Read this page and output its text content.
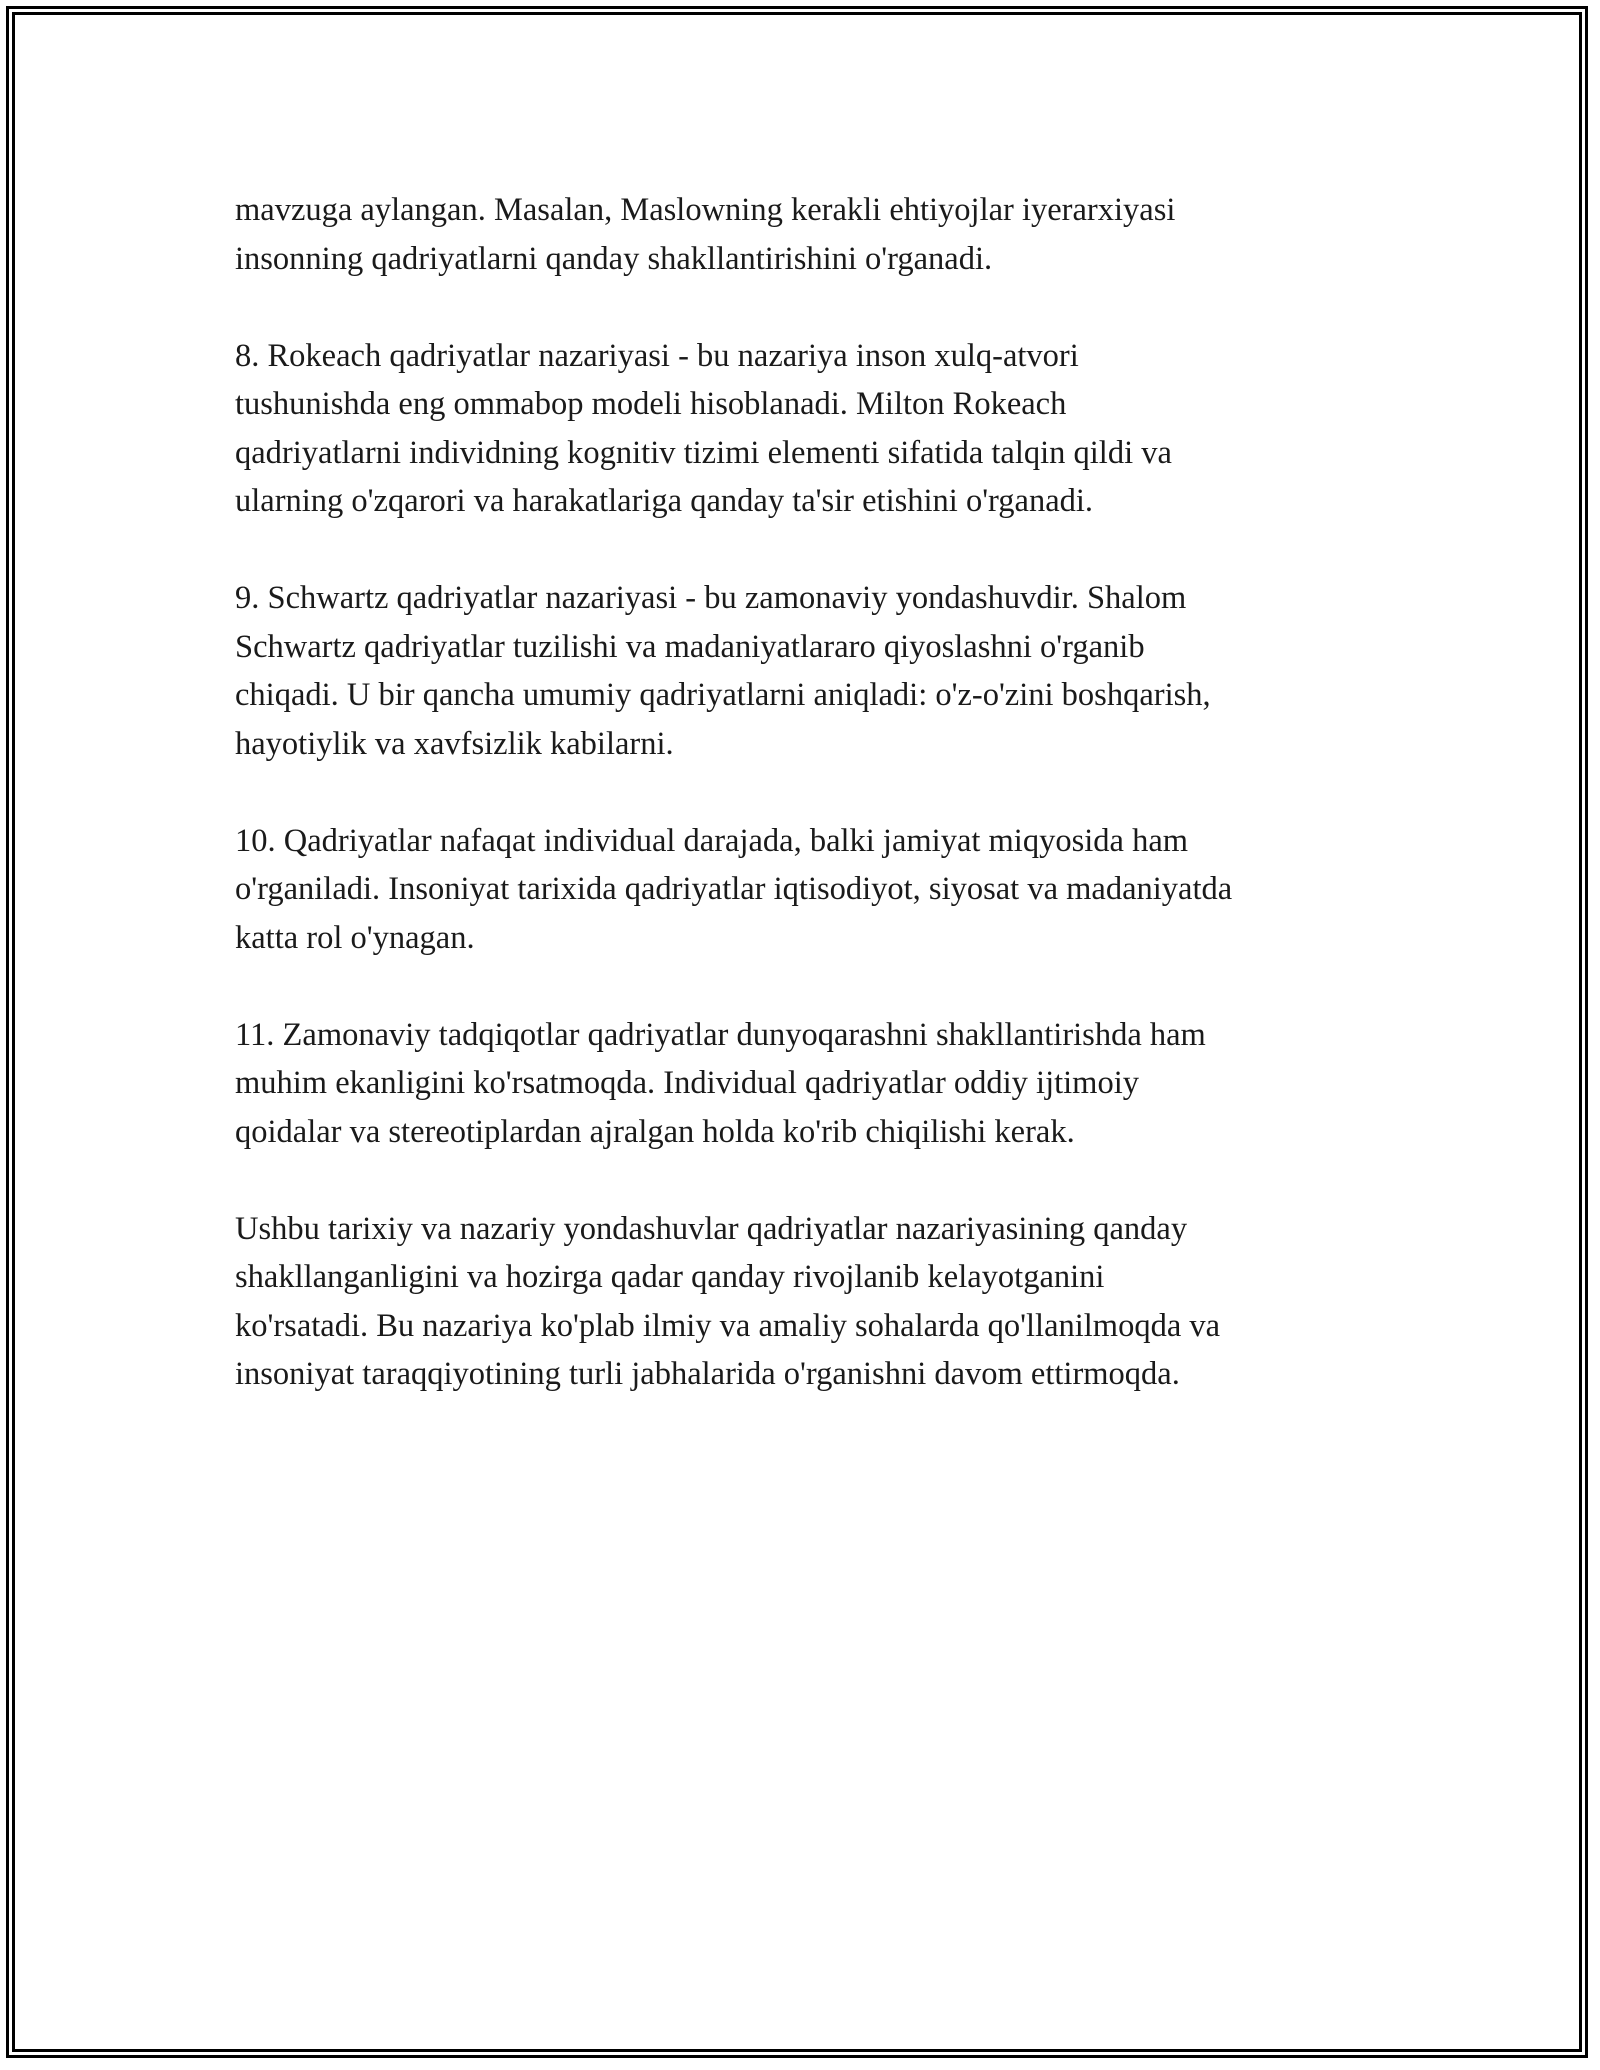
mavzuga aylangan. Masalan, Maslowning kerakli ehtiyojlar iyerarxiyasi
insonning qadriyatlarni qanday shakllantirishini o'rganadi.

8. Rokeach qadriyatlar nazariyasi - bu nazariya inson xulq-atvori
tushunishda eng ommabop modeli hisoblanadi. Milton Rokeach
qadriyatlarni individning kognitiv tizimi elementi sifatida talqin qildi va
ularning o'zqarori va harakatlariga qanday ta'sir etishini o'rganadi.

9. Schwartz qadriyatlar nazariyasi - bu zamonaviy yondashuvdir. Shalom
Schwartz qadriyatlar tuzilishi va madaniyatlararo qiyoslashni o'rganib
chiqadi. U bir qancha umumiy qadriyatlarni aniqladi: o'z-o'zini boshqarish,
hayotiylik va xavfsizlik kabilarni.

10. Qadriyatlar nafaqat individual darajada, balki jamiyat miqyosida ham
o'rganiladi. Insoniyat tarixida qadriyatlar iqtisodiyot, siyosat va madaniyatda
katta rol o'ynagan.

11. Zamonaviy tadqiqotlar qadriyatlar dunyoqarashni shakllantirishda ham
muhim ekanligini ko'rsatmoqda. Individual qadriyatlar oddiy ijtimoiy
qoidalar va stereotiplardan ajralgan holda ko'rib chiqilishi kerak.

Ushbu tarixiy va nazariy yondashuvlar qadriyatlar nazariyasining qanday
shakllanganligini va hozirga qadar qanday rivojlanib kelayotganini
ko'rsatadi. Bu nazariya ko'plab ilmiy va amaliy sohalarda qo'llanilmoqda va
insoniyat taraqqiyotining turli jabhalarida o'rganishni davom ettirmoqda.
